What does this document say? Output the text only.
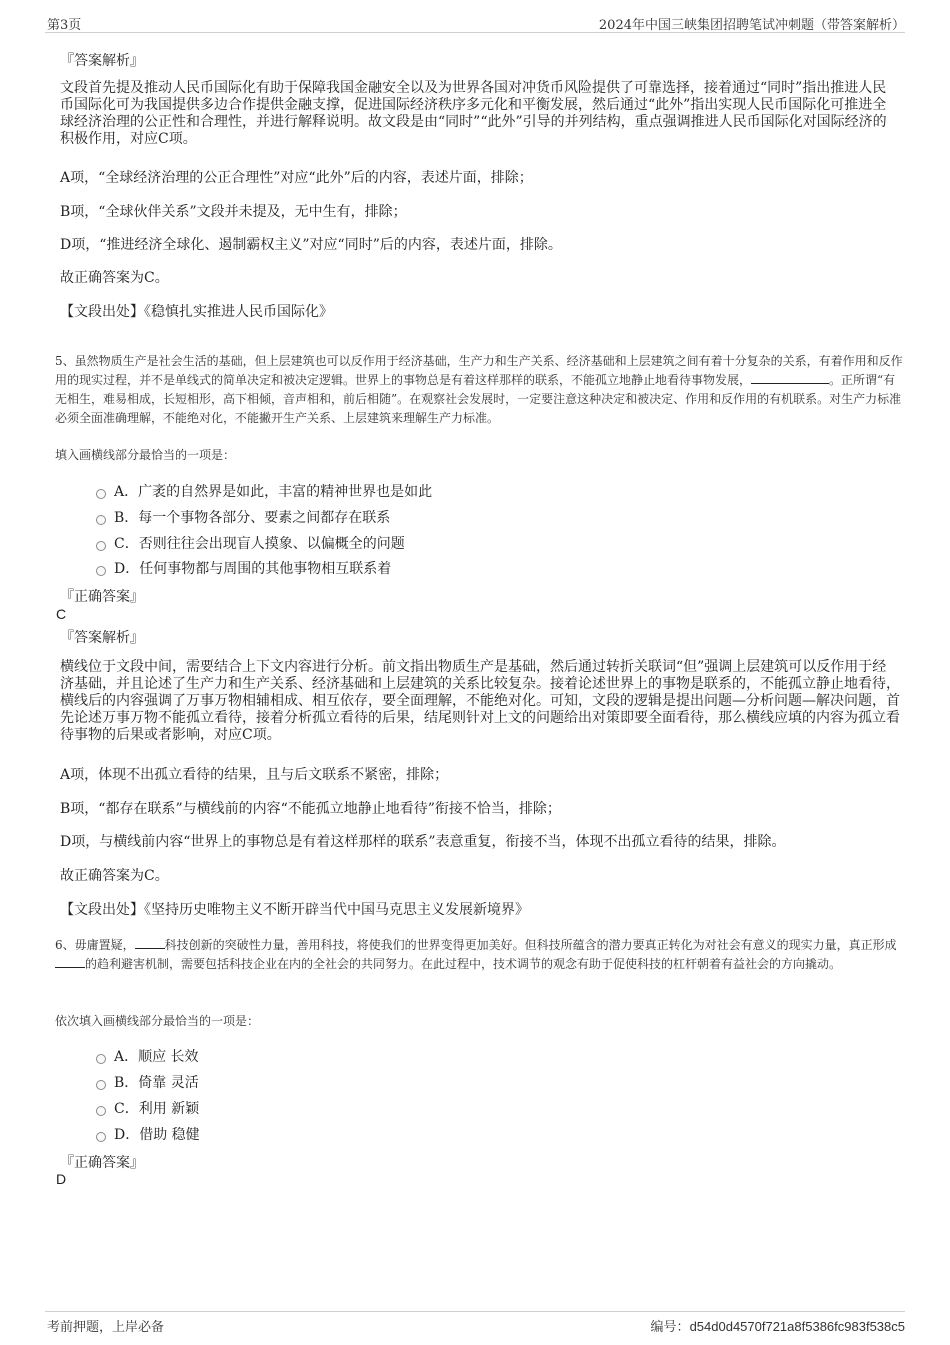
第3页	2024年中国三峡集团招聘笔试冲刺题（带答案解析）
『答案解析』
文段首先提及推动人民币国际化有助于保障我国金融安全以及为世界各国对冲货币风险提供了可靠选择，接着通过“同时”指出推进人民币国际化可为我国提供多边合作提供金融支撑，促进国际经济秩序多元化和平衡发展，然后通过“此外”指出实现人民币国际化可推进全球经济治理的公正性和合理性，并进行解释说明。故文段是由“同时”“此外”引导的并列结构，重点强调推进人民币国际化对国际经济的积极作用，对应C项。
A项，“全球经济治理的公正合理性”对应“此外”后的内容，表述片面，排除；
B项，“全球伙伴关系”文段并未提及，无中生有，排除；
D项，“推进经济全球化、遏制霸权主义”对应“同时”后的内容，表述片面，排除。
故正确答案为C。
【文段出处】《稳慎扎实推进人民币国际化》
5、虽然物质生产是社会生活的基础，但上层建筑也可以反作用于经济基础，生产力和生产关系、经济基础和上层建筑之间有着十分复杂的关系，有着作用和反作用的现实过程，并不是单线式的简单决定和被决定逻辑。世界上的事物总是有着这样那样的联系，不能孤立地静止地看待事物发展，	。正所谓“有无相生，难易相成，长短相形，高下相倾，音声相和，前后相随”。在观察社会发展时，一定要注意这种决定和被决定、作用和反作用的有机联系。对生产力标准必须全面准确理解，不能绝对化，不能撇开生产关系、上层建筑来理解生产力标准。
填入画横线部分最恰当的一项是：
A．广袤的自然界是如此，丰富的精神世界也是如此
B．每一个事物各部分、要素之间都存在联系
C．否则往往会出现盲人摸象、以偏概全的问题
D．任何事物都与周围的其他事物相互联系着
『正确答案』
C
『答案解析』
横线位于文段中间，需要结合上下文内容进行分析。前文指出物质生产是基础，然后通过转折关联词“但”强调上层建筑可以反作用于经济基础，并且论述了生产力和生产关系、经济基础和上层建筑的关系比较复杂。接着论述世界上的事物是联系的，不能孤立静止地看待，横线后的内容强调了万事万物相辅相成、相互依存，要全面理解，不能绝对化。可知，文段的逻辑是提出问题—分析问题—解决问题，首先论述万事万物不能孤立看待，接着分析孤立看待的后果，结尾则针对上文的问题给出对策即要全面看待，那么横线应填的内容为孤立看待事物的后果或者影响，对应C项。
A项，体现不出孤立看待的结果，且与后文联系不紧密，排除；
B项，“都存在联系”与横线前的内容“不能孤立地静止地看待”衔接不恰当，排除；
D项，与横线前内容“世界上的事物总是有着这样那样的联系”表意重复，衔接不当，体现不出孤立看待的结果，排除。
故正确答案为C。
【文段出处】《坚持历史唯物主义不断开辟当代中国马克思主义发展新境界》
6、毋庸置疑，	科技创新的突破性力量，善用科技，将使我们的世界变得更加美好。但科技所蕴含的潜力要真正转化为对社会有意义的现实力量，真正形成的趋利避害机制，需要包括科技企业在内的全社会的共同努力。在此过程中，技术调节的观念有助于促使科技的杠杆朝着有益社会的方向撬动。
依次填入画横线部分最恰当的一项是：
A．顺应 长效
B．倚靠 灵活
C．利用 新颖
D．借助 稳健
『正确答案』
D
考前押题，上岸必备	编号：d54d0d4570f721a8f5386fc983f538c5
